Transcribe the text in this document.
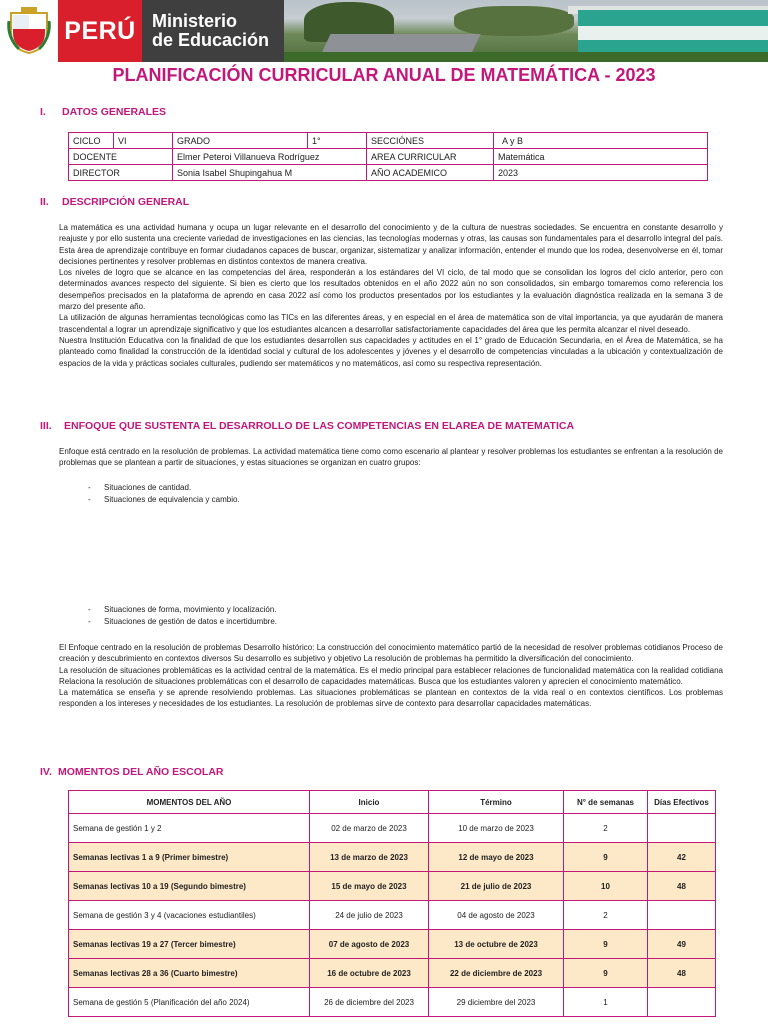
PERÚ Ministerio
de Educación
PLANIFICACIÓN CURRICULAR ANUAL DE MATEMÁTICA - 2023
I. DATOS GENERALES
CICLO	VI	GRADO	1°	SECCIÓNES	A y B
DOCENTE		Elmer Peteroi Villanueva Rodríguez		AREA CURRICULAR	Matemática
DIRECTOR		Sonia Isabel Shupingahua M		AÑO ACADEMICO	2023
II. DESCRIPCIÓN GENERAL

La matemática es una actividad humana y ocupa un lugar relevante en el desarrollo del conocimiento y de la cultura de nuestras sociedades. Se encuentra en constante desarrollo y reajuste y por ello sustenta una creciente variedad de investigaciones en las ciencias, las tecnologías modernas y otras, las causas son fundamentales para el desarrollo integral del país. Esta área de aprendizaje contribuye en formar ciudadanos capaces de buscar, organizar, sistematizar y analizar información, entender el mundo que los rodea, desenvolverse en él, tomar decisiones pertinentes y resolver problemas en distintos contextos de manera creativa.

Los niveles de logro que se alcance en las competencias del área, responderán a los estándares del VI ciclo, de tal modo que se consolidan los logros del ciclo anterior, pero con determinados avances respecto del siguiente. Si bien es cierto que los resultados obtenidos en el año 2022 aún no son consolidados, sin embargo tomaremos como referencia los desempeños precisados en la plataforma de aprendo en casa 2022 así como los productos presentados por los estudiantes y la evaluación diagnóstica realizada en la semana 3 de marzo del presente año.

La utilización de algunas herramientas tecnológicas como las TICs en las diferentes áreas, y en especial en el área de matemática son de vital importancia, ya que ayudarán de manera trascendental a lograr un aprendizaje significativo y que los estudiantes alcancen a desarrollar satisfactoriamente capacidades del área que les permita alcanzar el nivel deseado.

Nuestra Institución Educativa con la finalidad de que los estudiantes desarrollen sus capacidades y actitudes en el 1° grado de Educación Secundaria, en el Área de Matemática, se ha planteado como finalidad la construcción de la identidad social y cultural de los adolescentes y jóvenes y el desarrollo de competencias vinculadas a la ubicación y contextualización de espacios de la vida y prácticas sociales culturales, pudiendo ser matemáticos y no matemáticos, así como su respectiva representación.

III. ENFOQUE QUE SUSTENTA EL DESARROLLO DE LAS COMPETENCIAS EN ELAREA DE MATEMATICA

Enfoque está centrado en la resolución de problemas. La actividad matemática tiene como como escenario al plantear y resolver problemas los estudiantes se enfrentan a la resolución de problemas que se plantean a partir de situaciones, y estas situaciones se organizan en cuatro grupos:

- Situaciones de cantidad.
- Situaciones de equivalencia y cambio.
- Situaciones de forma, movimiento y localización.
- Situaciones de gestión de datos e incertidumbre.

El Enfoque centrado en la resolución de problemas Desarrollo histórico: La construcción del conocimiento matemático partió de la necesidad de resolver problemas cotidianos Proceso de creación y descubrimiento en contextos diversos Su desarrollo es subjetivo y objetivo La resolución de problemas ha permitido la diversificación del conocimiento.

La resolución de situaciones problemáticas es la actividad central de la matemática. Es el medio principal para establecer relaciones de funcionalidad matemática con la realidad cotidiana Relaciona la resolución de situaciones problemáticas con el desarrollo de capacidades matemáticas. Busca que los estudiantes valoren y aprecien el conocimiento matemático.

La matemática se enseña y se aprende resolviendo problemas. Las situaciones problemáticas se plantean en contextos de la vida real o en contextos científicos. Los problemas responden a los intereses y necesidades de los estudiantes. La resolución de problemas sirve de contexto para desarrollar capacidades matemáticas.

IV. MOMENTOS DEL AÑO ESCOLAR
MOMENTOS DEL AÑO	Inicio	Término	N° de semanas	Días Efectivos
Semana de gestión 1 y 2	02 de marzo de 2023	10 de marzo de 2023	2	
Semanas lectivas 1 a 9 (Primer bimestre)	13 de marzo de 2023	12 de mayo de 2023	9	42
Semanas lectivas 10 a 19 (Segundo bimestre)	15 de mayo de 2023	21 de julio de 2023	10	48
Semana de gestión 3 y 4 (vacaciones estudiantiles)	24 de julio de 2023	04 de agosto de 2023	2	
Semanas lectivas 19 a 27 (Tercer bimestre)	07 de agosto de 2023	13 de octubre de 2023	9	49
Semanas lectivas 28 a 36 (Cuarto bimestre)	16 de octubre de 2023	22 de diciembre de 2023	9	48
Semana de gestión 5 (Planificación del año 2024)	26 de diciembre del 2023	29 diciembre del 2023	1	
